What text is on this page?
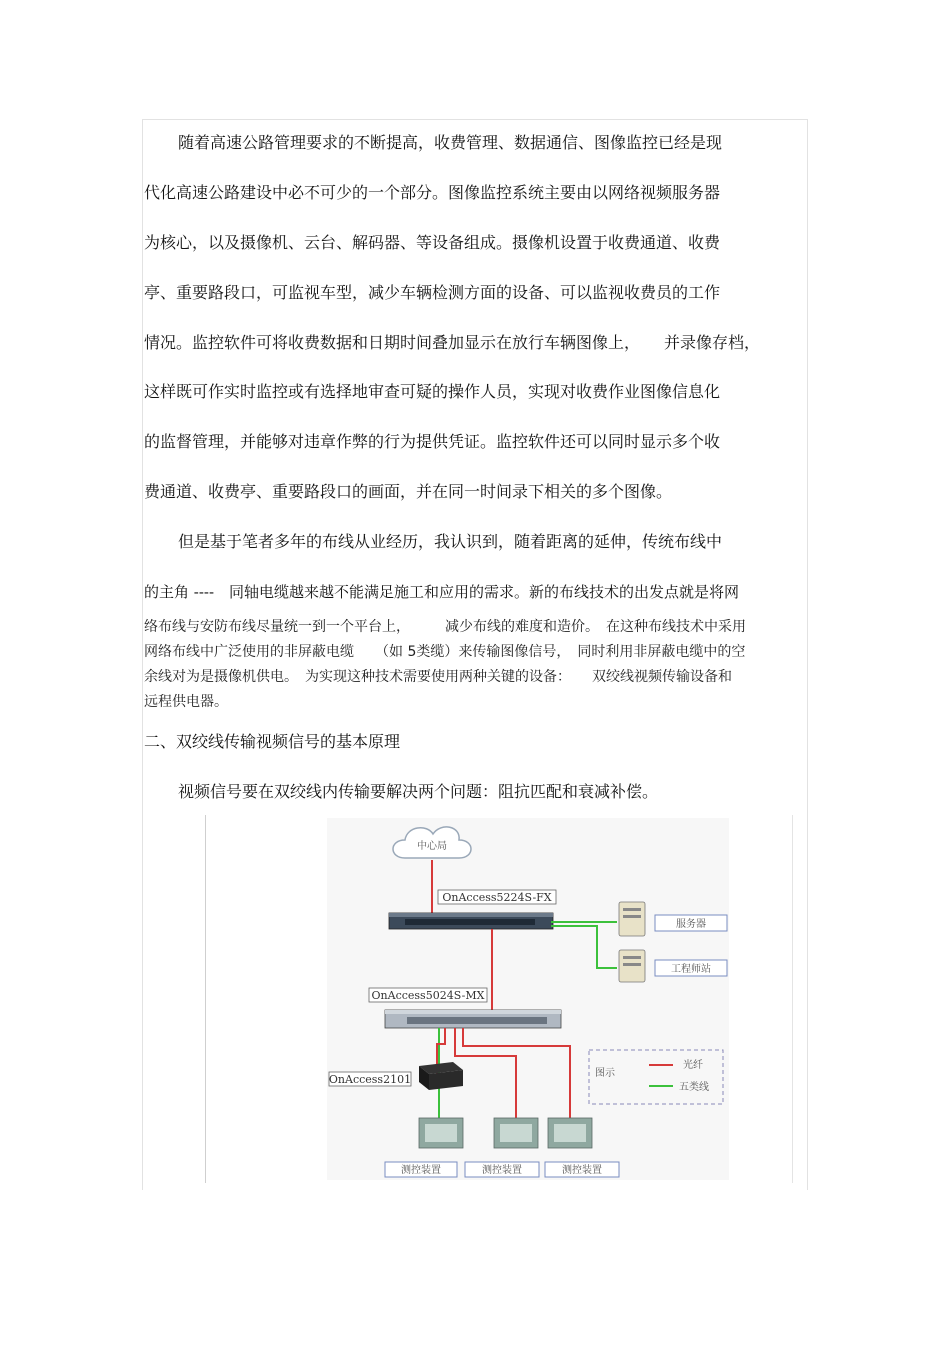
随着高速公路管理要求的不断提高，收费管理、数据通信、图像监控已经是现
代化高速公路建设中必不可少的一个部分。图像监控系统主要由以网络视频服务器
为核心，以及摄像机、云台、解码器、等设备组成。摄像机设置于收费通道、收费
亭、重要路段口，可监视车型，减少车辆检测方面的设备、可以监视收费员的工作
情况。监控软件可将收费数据和日期时间叠加显示在放行车辆图像上，　　并录像存档，
这样既可作实时监控或有选择地审查可疑的操作人员，实现对收费作业图像信息化
的监督管理，并能够对违章作弊的行为提供凭证。监控软件还可以同时显示多个收
费通道、收费亭、重要路段口的画面，并在同一时间录下相关的多个图像。
但是基于笔者多年的布线从业经历，我认识到，随着距离的延伸，传统布线中
的主角 ----　同轴电缆越来越不能满足施工和应用的需求。新的布线技术的出发点就是将网
络布线与安防布线尽量统一到一个平台上，　　　减少布线的难度和造价。　在这种布线技术中采用
网络布线中广泛使用的非屏蔽电缆　　（如 5类缆）来传输图像信号，　同时利用非屏蔽电缆中的空
余线对为是摄像机供电。　为实现这种技术需要使用两种关键的设备：　　双绞线视频传输设备和
远程供电器。
二、双绞线传输视频信号的基本原理
视频信号要在双绞线内传输要解决两个问题：阻抗匹配和衰减补偿。
中心局
OnAccess5224S-FX
服务器
工程师站
OnAccess5024S-MX
OnAccess2101	图示
光纤
五类线
测控装置	测控装置	测控装置
